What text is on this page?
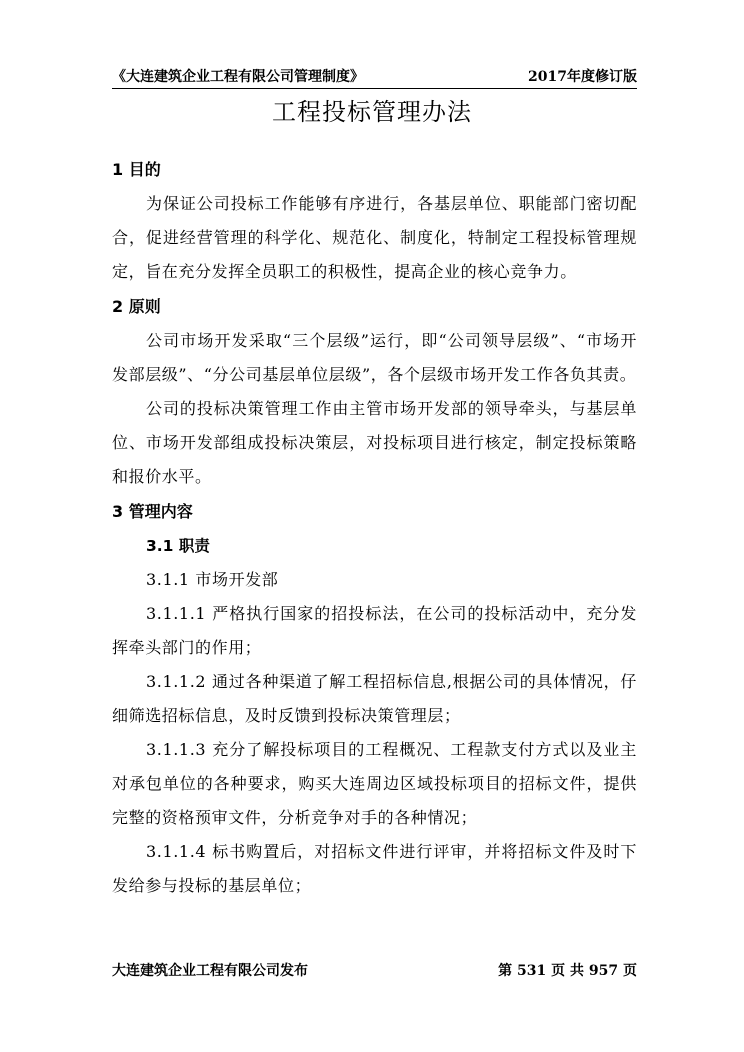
《大连建筑企业工程有限公司管理制度》	2017年度修订版
工程投标管理办法
1 目的

为保证公司投标工作能够有序进行，各基层单位、职能部门密切配合，促进经营管理的科学化、规范化、制度化，特制定工程投标管理规定，旨在充分发挥全员职工的积极性，提高企业的核心竞争力。

2 原则

公司市场开发采取“三个层级”运行，即“公司领导层级”、“市场开发部层级”、“分公司基层单位层级”，各个层级市场开发工作各负其责。

公司的投标决策管理工作由主管市场开发部的领导牵头，与基层单位、市场开发部组成投标决策层，对投标项目进行核定，制定投标策略和报价水平。

3 管理内容
3.1 职责

3.1.1 市场开发部

3.1.1.1 严格执行国家的招投标法，在公司的投标活动中，充分发挥牵头部门的作用；

3.1.1.2 通过各种渠道了解工程招标信息,根据公司的具体情况，仔细筛选招标信息，及时反馈到投标决策管理层；

3.1.1.3 充分了解投标项目的工程概况、工程款支付方式以及业主对承包单位的各种要求，购买大连周边区域投标项目的招标文件，提供完整的资格预审文件，分析竞争对手的各种情况；

3.1.1.4 标书购置后，对招标文件进行评审，并将招标文件及时下发给参与投标的基层单位；

大连建筑企业工程有限公司发布	第 531 页 共 957 页
